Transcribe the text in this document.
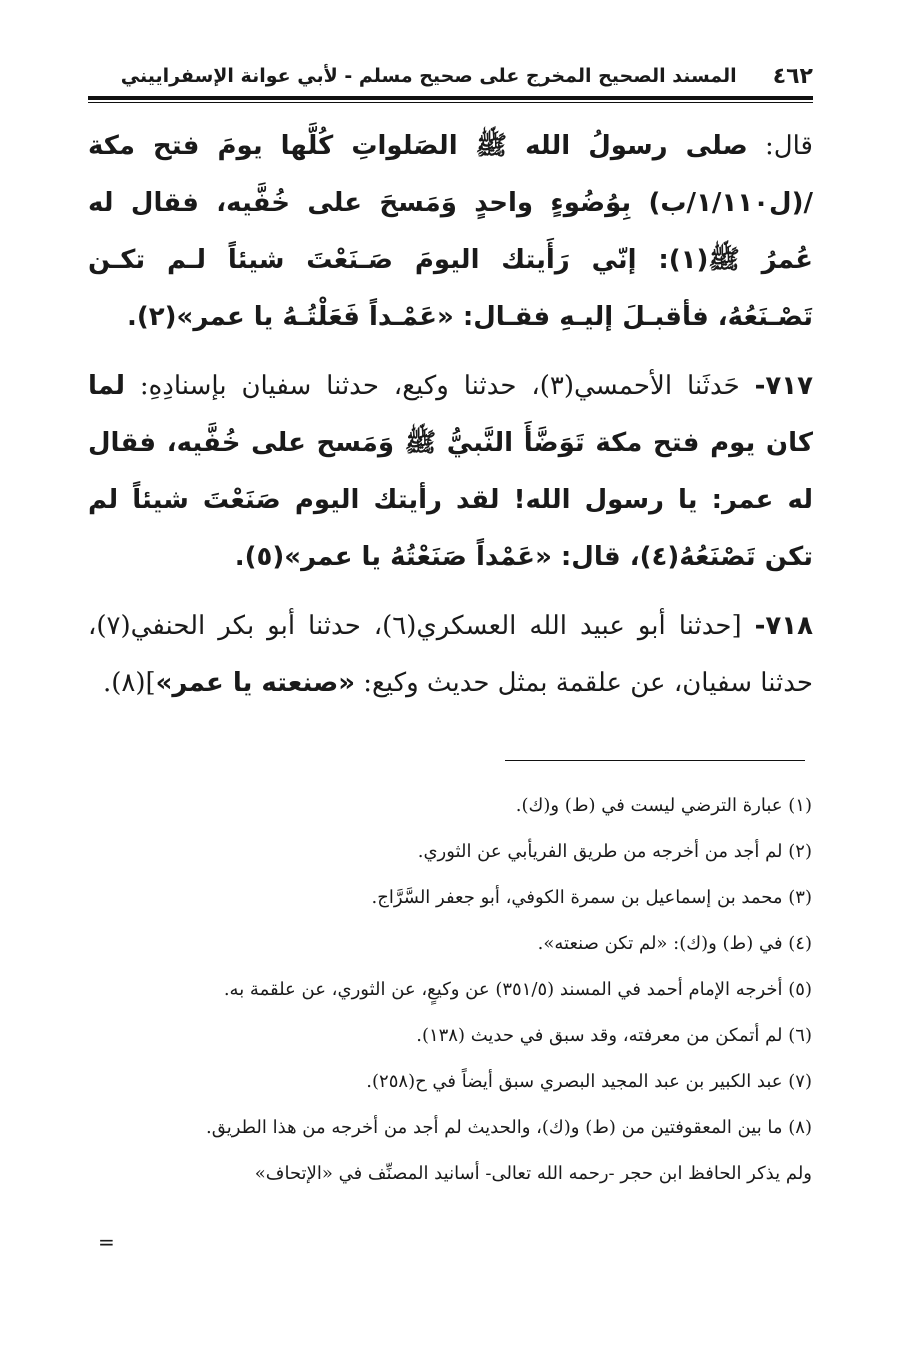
٤٦٢
المسند الصحيح المخرج على صحيح مسلم - لأبي عوانة الإسفراييني

قال: صلى رسولُ الله ﷺ الصَلواتِ كُلَّها يومَ فتح مكة /(ل١/١١٠/ب) بِوُضُوءٍ واحدٍ وَمَسحَ على خُفَّيه، فقال له عُمرُ ﷺ(١): إنّي رَأَيتك اليومَ صَـنَعْتَ شيئاً لـم تكـن تَصْـنَعُهُ، فأقبـلَ إليـهِ فقـال: «عَمْـداً فَعَلْتُـهُ يا عمر»(٢).

٧١٧- حَدثَنا الأحمسي(٣)، حدثنا وكيع، حدثنا سفيان بإسنادِهِ: لما كان يوم فتح مكة تَوَضَّأَ النَّبيُّ ﷺ وَمَسح على خُفَّيه، فقال له عمر: يا رسول الله! لقد رأيتك اليوم صَنَعْتَ شيئاً لم تكن تَصْنَعُهُ(٤)، قال: «عَمْداً صَنَعْتُهُ يا عمر»(٥).

٧١٨- [حدثنا أبو عبيد الله العسكري(٦)، حدثنا أبو بكر الحنفي(٧)، حدثنا سفيان، عن علقمة بمثل حديث وكيع: «صنعته يا عمر»](٨).

(١) عبارة الترضي ليست في (ط) و(ك).
(٢) لم أجد من أخرجه من طريق الفريأبي عن الثوري.
(٣) محمد بن إسماعيل بن سمرة الكوفي، أبو جعفر السَّرَّاج.
(٤) في (ط) و(ك): «لم تكن صنعته».
(٥) أخرجه الإمام أحمد في المسند (٣٥١/٥) عن وكيعٍ، عن الثوري، عن علقمة به.
(٦) لم أتمكن من معرفته، وقد سبق في حديث (١٣٨).
(٧) عبد الكبير بن عبد المجيد البصري سبق أيضاً في ح(٢٥٨).
(٨) ما بين المعقوفتين من (ط) و(ك)، والحديث لم أجد من أخرجه من هذا الطريق.
ولم يذكر الحافظ ابن حجر -رحمه الله تعالى- أسانيد المصنِّف في «الإتحاف»
=
